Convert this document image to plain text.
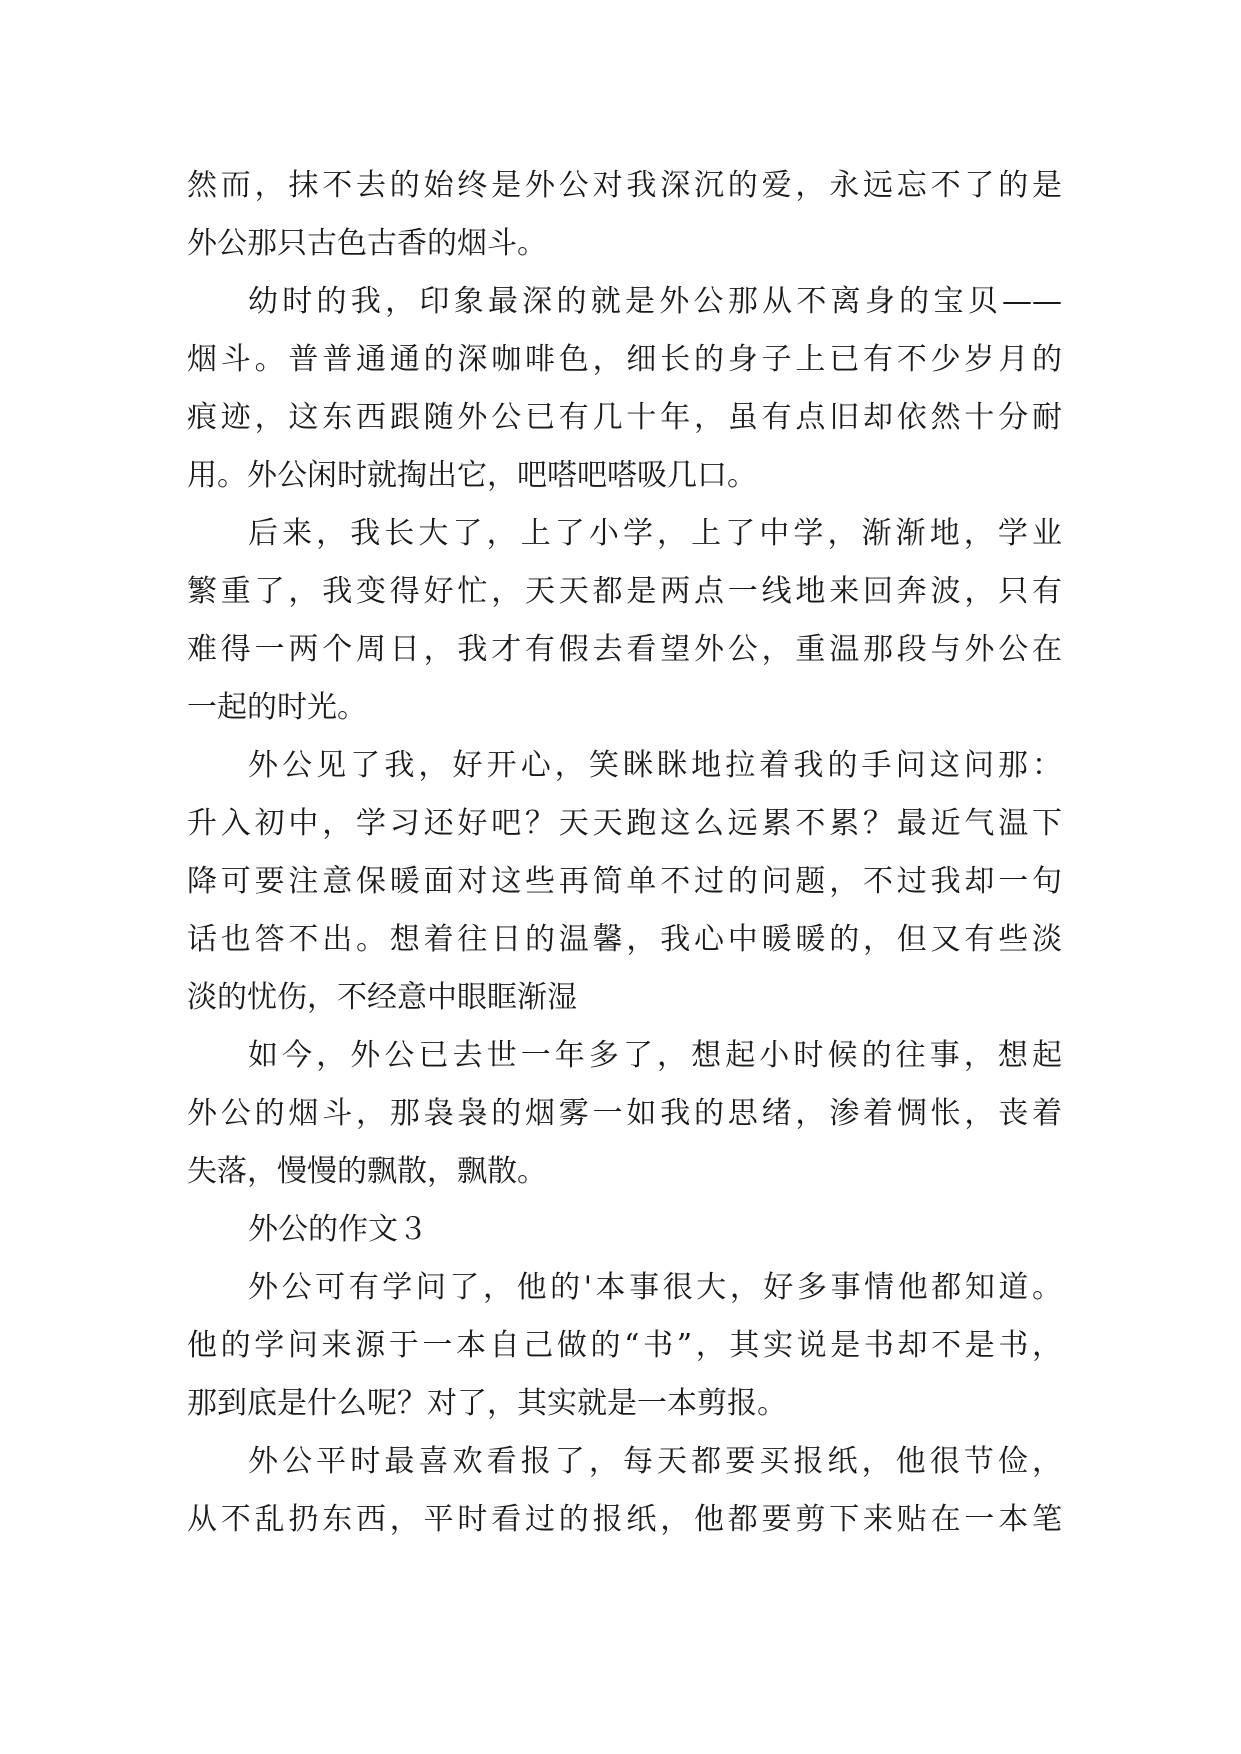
然而，抹不去的始终是外公对我深沉的爱，永远忘不了的是
外公那只古色古香的烟斗。
幼时的我，印象最深的就是外公那从不离身的宝贝——
烟斗。普普通通的深咖啡色，细长的身子上已有不少岁月的
痕迹，这东西跟随外公已有几十年，虽有点旧却依然十分耐
用。外公闲时就掏出它，吧嗒吧嗒吸几口。
后来，我长大了，上了小学，上了中学，渐渐地，学业
繁重了，我变得好忙，天天都是两点一线地来回奔波，只有
难得一两个周日，我才有假去看望外公，重温那段与外公在
一起的时光。
外公见了我，好开心，笑眯眯地拉着我的手问这问那：
升入初中，学习还好吧？天天跑这么远累不累？最近气温下
降可要注意保暖面对这些再简单不过的问题，不过我却一句
话也答不出。想着往日的温馨，我心中暖暖的，但又有些淡
淡的忧伤，不经意中眼眶渐湿
如今，外公已去世一年多了，想起小时候的往事，想起
外公的烟斗，那袅袅的烟雾一如我的思绪，渗着惆怅，丧着
失落，慢慢的飘散，飘散。
外公的作文３
外公可有学问了，他的'本事很大，好多事情他都知道。
他的学问来源于一本自己做的“书”，其实说是书却不是书，
那到底是什么呢？对了，其实就是一本剪报。
外公平时最喜欢看报了，每天都要买报纸，他很节俭，
从不乱扔东西，平时看过的报纸，他都要剪下来贴在一本笔
